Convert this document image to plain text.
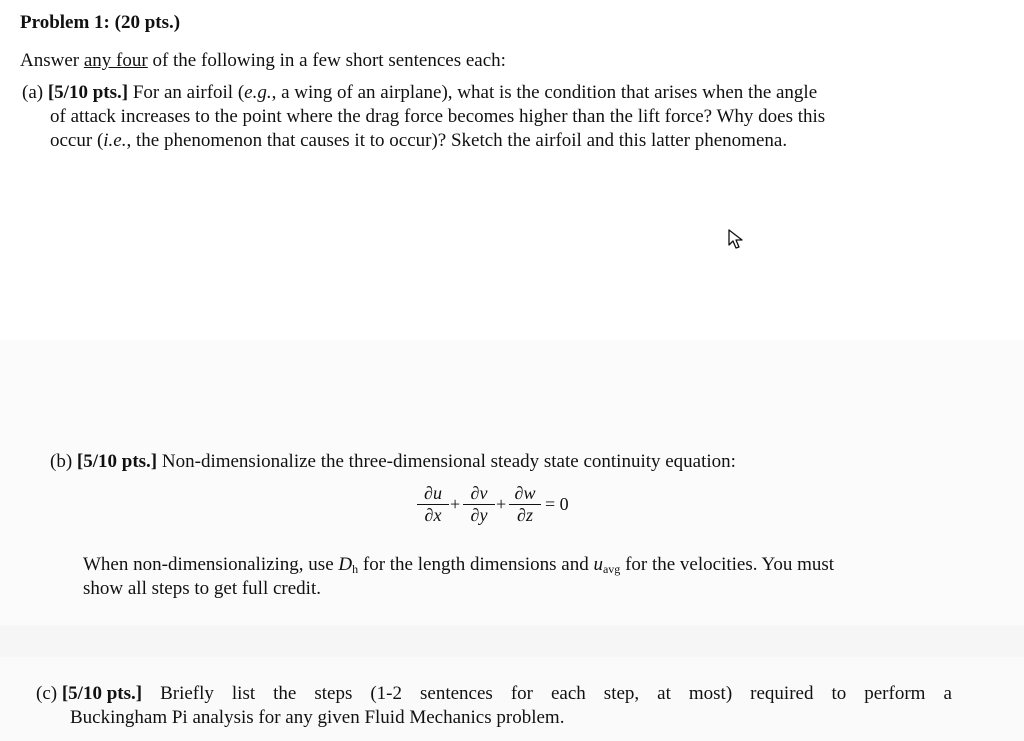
Problem 1: (20 pts.)
Answer any four of the following in a few short sentences each:
(a) [5/10 pts.] For an airfoil (e.g., a wing of an airplane), what is the condition that arises when the angle
of attack increases to the point where the drag force becomes higher than the lift force? Why does this
occur (i.e., the phenomenon that causes it to occur)? Sketch the airfoil and this latter phenomena.
(b) [5/10 pts.] Non-dimensionalize the three-dimensional steady state continuity equation:
∂u
∂x
+
∂v
∂y
+
∂w
∂z
= 0
When non-dimensionalizing, use $D_h$ for the length dimensions and $u_{avg}$ for the velocities. You must
show all steps to get full credit.
(c) [5/10 pts.] Briefly list the steps (1-2 sentences for each step, at most) required to perform a
Buckingham Pi analysis for any given Fluid Mechanics problem.
